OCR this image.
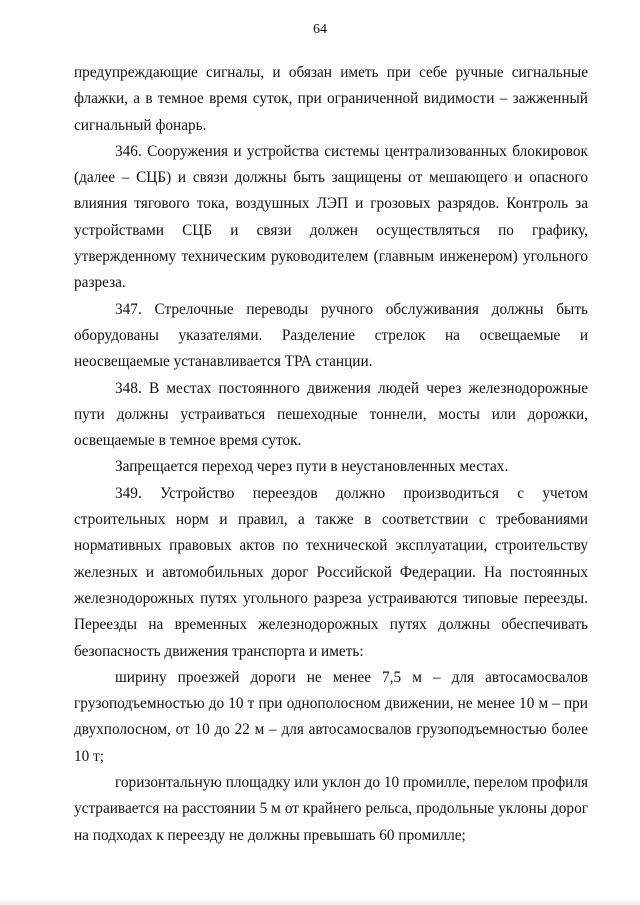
64

предупреждающие сигналы, и обязан иметь при себе ручные сигнальные флажки, а в темное время суток, при ограниченной видимости – зажженный сигнальный фонарь.

346. Сооружения и устройства системы централизованных блокировок (далее – СЦБ) и связи должны быть защищены от мешающего и опасного влияния тягового тока, воздушных ЛЭП и грозовых разрядов. Контроль за устройствами СЦБ и связи должен осуществляться по графику, утвержденному техническим руководителем (главным инженером) угольного разреза.

347. Стрелочные переводы ручного обслуживания должны быть оборудованы указателями. Разделение стрелок на освещаемые и неосвещаемые устанавливается ТРА станции.

348. В местах постоянного движения людей через железнодорожные пути должны устраиваться пешеходные тоннели, мосты или дорожки, освещаемые в темное время суток.

Запрещается переход через пути в неустановленных местах.

349. Устройство переездов должно производиться с учетом строительных норм и правил, а также в соответствии с требованиями нормативных правовых актов по технической эксплуатации, строительству железных и автомобильных дорог Российской Федерации. На постоянных железнодорожных путях угольного разреза устраиваются типовые переезды. Переезды на временных железнодорожных путях должны обеспечивать безопасность движения транспорта и иметь:

ширину проезжей дороги не менее 7,5 м – для автосамосвалов грузоподъемностью до 10 т при однополосном движении, не менее 10 м – при двухполосном, от 10 до 22 м – для автосамосвалов грузоподъемностью более 10 т;

горизонтальную площадку или уклон до 10 промилле, перелом профиля устраивается на расстоянии 5 м от крайнего рельса, продольные уклоны дорог на подходах к переезду не должны превышать 60 промилле;
